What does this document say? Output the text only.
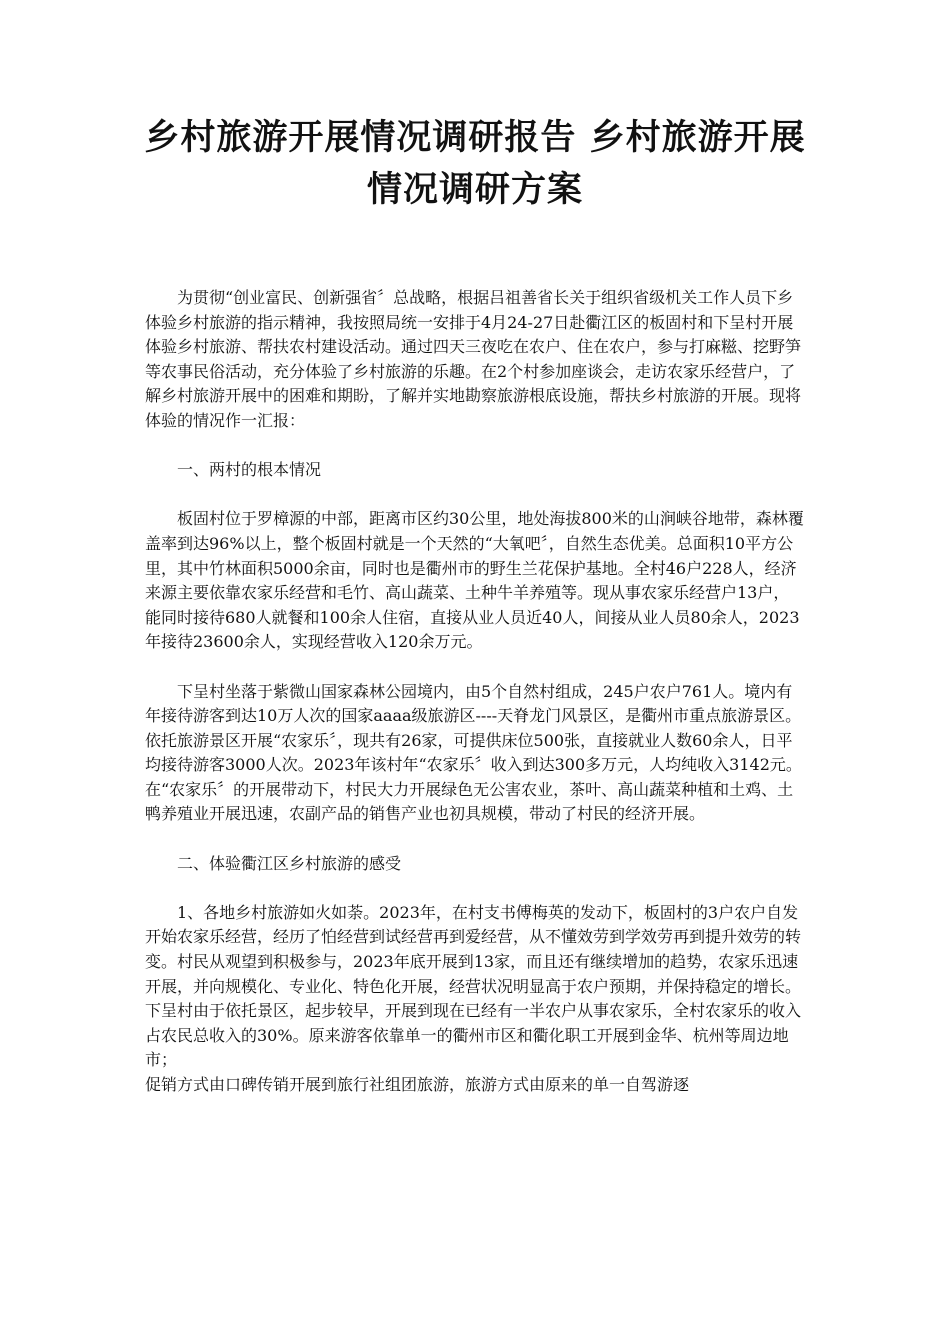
乡村旅游开展情况调研报告 乡村旅游开展情况调研方案

为贯彻“创业富民、创新强省〞总战略，根据吕祖善省长关于组织省级机关工作人员下乡体验乡村旅游的指示精神，我按照局统一安排于4月24-27日赴衢江区的板固村和下呈村开展体验乡村旅游、帮扶农村建设活动。通过四天三夜吃在农户、住在农户，参与打麻糍、挖野笋等农事民俗活动，充分体验了乡村旅游的乐趣。在2个村参加座谈会，走访农家乐经营户，了解乡村旅游开展中的困难和期盼，了解并实地勘察旅游根底设施，帮扶乡村旅游的开展。现将体验的情况作一汇报：

一、两村的根本情况

板固村位于罗樟源的中部，距离市区约30公里，地处海拔800米的山涧峡谷地带，森林覆盖率到达96%以上，整个板固村就是一个天然的“大氧吧〞，自然生态优美。总面积10平方公里，其中竹林面积5000余亩，同时也是衢州市的野生兰花保护基地。全村46户228人，经济来源主要依靠农家乐经营和毛竹、高山蔬菜、土种牛羊养殖等。现从事农家乐经营户13户，能同时接待680人就餐和100余人住宿，直接从业人员近40人，间接从业人员80余人，2023年接待23600余人，实现经营收入120余万元。

下呈村坐落于紫微山国家森林公园境内，由5个自然村组成，245户农户761人。境内有年接待游客到达10万人次的国家aaaa级旅游区----天脊龙门风景区，是衢州市重点旅游景区。依托旅游景区开展“农家乐〞，现共有26家，可提供床位500张，直接就业人数60余人，日平均接待游客3000人次。2023年该村年“农家乐〞收入到达300多万元，人均纯收入3142元。在“农家乐〞的开展带动下，村民大力开展绿色无公害农业，茶叶、高山蔬菜种植和土鸡、土鸭养殖业开展迅速，农副产品的销售产业也初具规模，带动了村民的经济开展。

二、体验衢江区乡村旅游的感受

1、各地乡村旅游如火如荼。2023年，在村支书傅梅英的发动下，板固村的3户农户自发开始农家乐经营，经历了怕经营到试经营再到爱经营，从不懂效劳到学效劳再到提升效劳的转变。村民从观望到积极参与，2023年底开展到13家，而且还有继续增加的趋势，农家乐迅速开展，并向规模化、专业化、特色化开展，经营状况明显高于农户预期，并保持稳定的增长。下呈村由于依托景区，起步较早，开展到现在已经有一半农户从事农家乐，全村农家乐的收入占农民总收入的30%。原来游客依靠单一的衢州市区和衢化职工开展到金华、杭州等周边地市；

促销方式由口碑传销开展到旅行社组团旅游，旅游方式由原来的单一自驾游逐
